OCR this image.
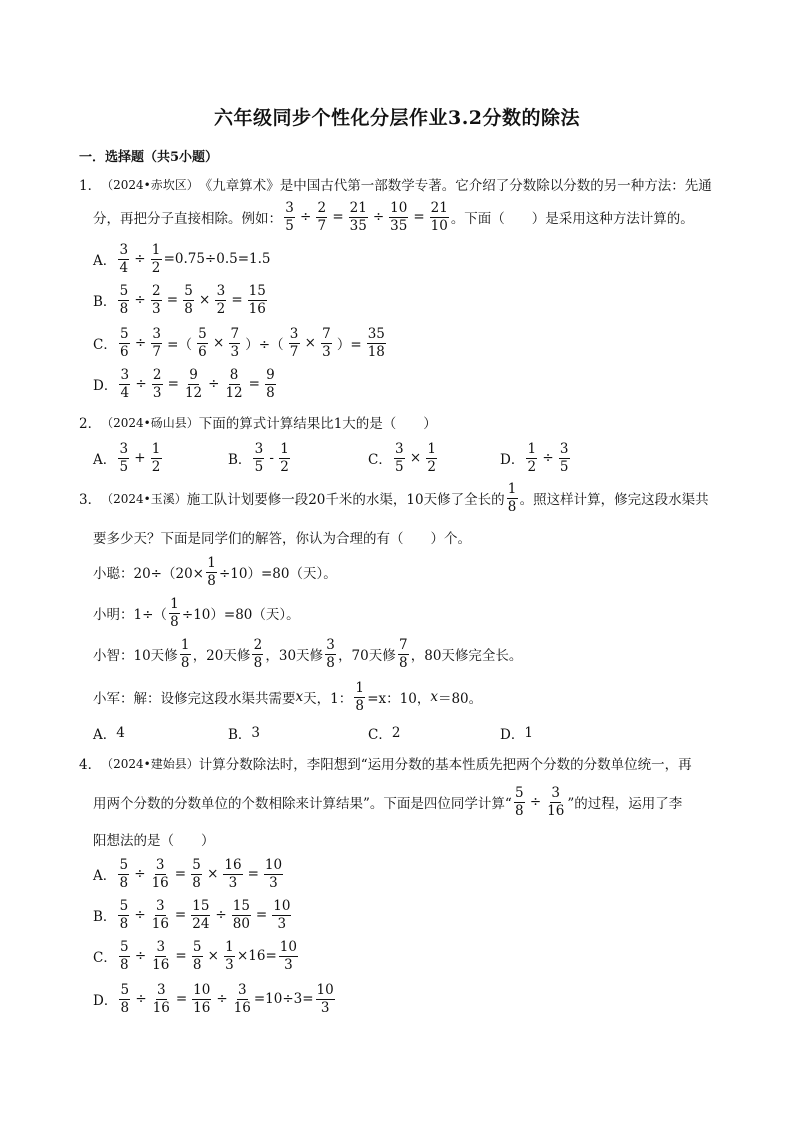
六年级同步个性化分层作业3.2分数的除法
一．选择题（共5小题）
1． （2024•赤坎区） 《九章算术》是中国古代第一部数学专著。它介绍了分数除以分数的另一种方法：先通
分，再把分子直接相除。例如： $\frac{3}{5} \div \frac{2}{7} = \frac{21}{35} \div \frac{10}{35} = \frac{21}{10}$ 。下面（　　）是采用这种方法计算的。
A． $\frac{3}{4} \div \frac{1}{2} =0.75\div 0.5=1.5$
B． $\frac{5}{8} \div \frac{2}{3} = \frac{5}{8} \times \frac{3}{2} = \frac{15}{16}$
C． $\frac{5}{6} \div \frac{3}{7}$ =（ $\frac{5}{6} \times \frac{7}{3}$ ）÷（ $\frac{3}{7} \times \frac{7}{3}$ ）= $\frac{35}{18}$
D． $\frac{3}{4} \div \frac{2}{3} = \frac{9}{12} \div \frac{8}{12} = \frac{9}{8}$
2． （2024•砀山县） 下面的算式计算结果比1大的是（　　）
A． $\frac{3}{5} + \frac{1}{2}$	B． $\frac{3}{5} - \frac{1}{2}$	C． $\frac{3}{5} \times \frac{1}{2}$	D． $\frac{1}{2} \div \frac{3}{5}$
3． （2024•玉溪） 施工队计划要修一段20千米的水渠，10天修了全长的 $\frac{1}{8}$ 。照这样计算，修完这段水渠共
要多少天？下面是同学们的解答，你认为合理的有（　　）个。
小聪： $20\div(20\times \frac{1}{8} \div 10)=80$（天）。
小明： $1\div( \frac{1}{8} \div 10)=80$（天）。
小智： 10天修 $\frac{1}{8}$ ，20天修 $\frac{2}{8}$ ，30天修 $\frac{3}{8}$ ，70天修 $\frac{7}{8}$ ，80天修完全长。
小军： 解：设修完这段水渠共需要 x 天，1： $\frac{1}{8} =x$：10， x ＝80。
A． 4	B． 3	C． 2	D． 1
4． （2024•建始县） 计算分数除法时，李阳想到“运用分数的基本性质先把两个分数的分数单位统一，再
用两个分数的分数单位的个数相除来计算结果”。下面是四位同学计算“ $\frac{5}{8} \div \frac{3}{16}$ ”的过程，运用了李
阳想法的是（　　）
A． $\frac{5}{8} \div \frac{3}{16} = \frac{5}{8} \times \frac{16}{3} = \frac{10}{3}$
B． $\frac{5}{8} \div \frac{3}{16} = \frac{15}{24} \div \frac{15}{80} = \frac{10}{3}$
C． $\frac{5}{8} \div \frac{3}{16} = \frac{5}{8} \times \frac{1}{3} \times 16= \frac{10}{3}$
D． $\frac{5}{8} \div \frac{3}{16} = \frac{10}{16} \div \frac{3}{16} =10\div 3= \frac{10}{3}$
